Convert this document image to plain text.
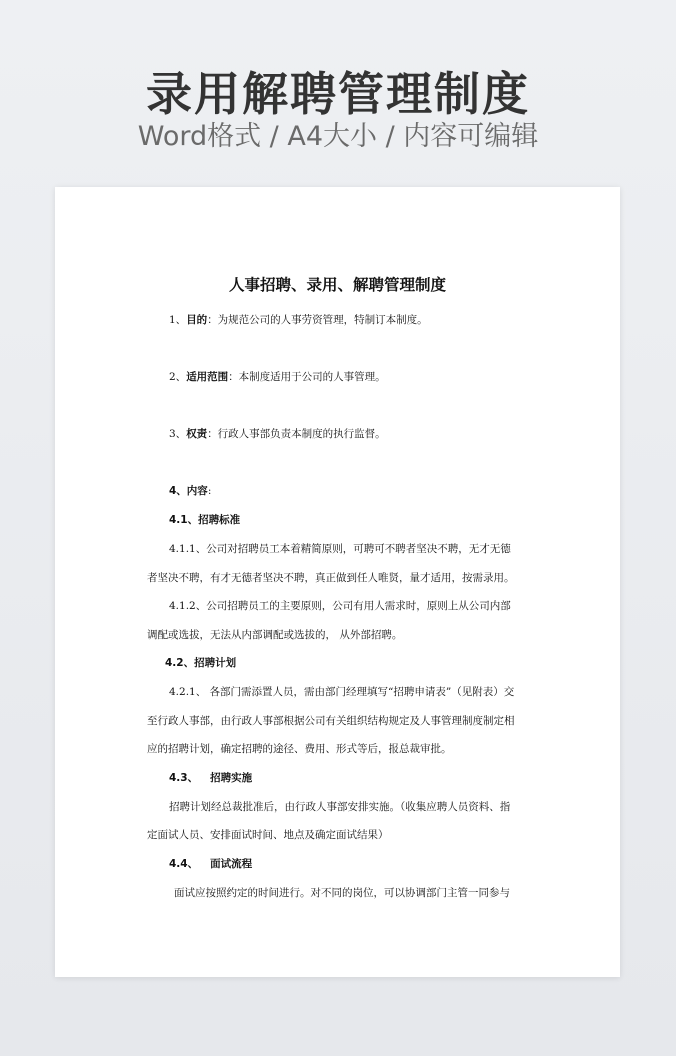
录用解聘管理制度
Word格式 / A4大小 / 内容可编辑
人事招聘、录用、解聘管理制度
1、目的：为规范公司的人事劳资管理，特制订本制度。
2、适用范围：本制度适用于公司的人事管理。
3、权责：行政人事部负责本制度的执行监督。
4、内容:
4.1、招聘标准
4.1.1、公司对招聘员工本着精简原则，可聘可不聘者坚决不聘，无才无德
者坚决不聘，有才无德者坚决不聘，真正做到任人唯贤，量才适用，按需录用。
4.1.2、公司招聘员工的主要原则，公司有用人需求时，原则上从公司内部
调配或选拔，无法从内部调配或选拔的， 从外部招聘。
4.2、招聘计划
4.2.1、 各部门需添置人员，需由部门经理填写“招聘申请表”（见附表）交
至行政人事部，由行政人事部根据公司有关组织结构规定及人事管理制度制定相
应的招聘计划，确定招聘的途径、费用、形式等后，报总裁审批。
4.3、 招聘实施
招聘计划经总裁批准后，由行政人事部安排实施。（收集应聘人员资料、指
定面试人员、安排面试时间、地点及确定面试结果）
4.4、 面试流程
面试应按照约定的时间进行。对不同的岗位，可以协调部门主管一同参与
